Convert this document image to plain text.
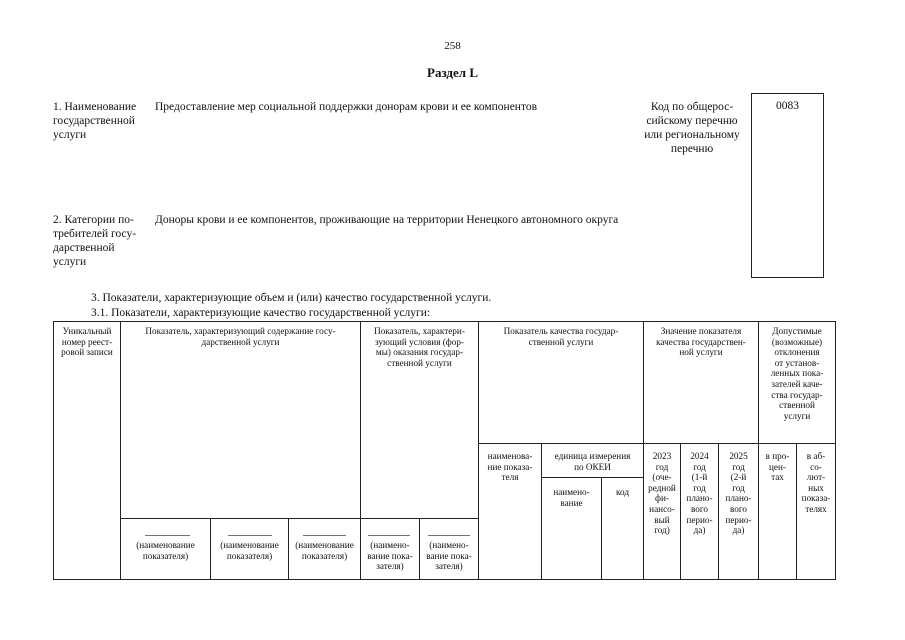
258
Раздел L
1. Наименование
государственной
услуги
Предоставление мер социальной поддержки донорам крови и ее компонентов	Код по общерос-
сийскому перечню
или региональному
перечню
0083
2. Категории по-
требителей госу-
дарственной
услуги
Доноры крови и ее компонентов, проживающие на территории Ненецкого автономного округа
3. Показатели, характеризующие объем и (или) качество государственной услуги.
3.1. Показатели, характеризующие качество государственной услуги:
Уникальный
номер реест-
ровой записи
Показатель, характеризующий содержание госу-
дарственной услуги
Показатель, характери-
зующий условия (фор-
мы) оказания государ-
ственной услуги
Показатель качества государ-
ственной услуги
Значение показателя
качества государствен-
ной услуги
Допустимые
(возможные)
отклонения
от установ-
ленных пока-
зателей каче-
ства государ-
ственной
услуги
(наименование
показателя)
(наименование
показателя)
(наименование
показателя)
(наимено-
вание пока-
зателя)
(наимено-
вание пока-
зателя)
наименова-
ние показа-
теля
единица измерения
по ОКЕИ
наимено-
вание
код
2023
год
(оче-
редной
фи-
нансо-
вый
год)
2024
год
(1-й
год
плано-
вого
перио-
да)
2025
год
(2-й
год
плано-
вого
перио-
да)
в про-
цен-
тах
в аб-
со-
лют-
ных
показа-
телях
